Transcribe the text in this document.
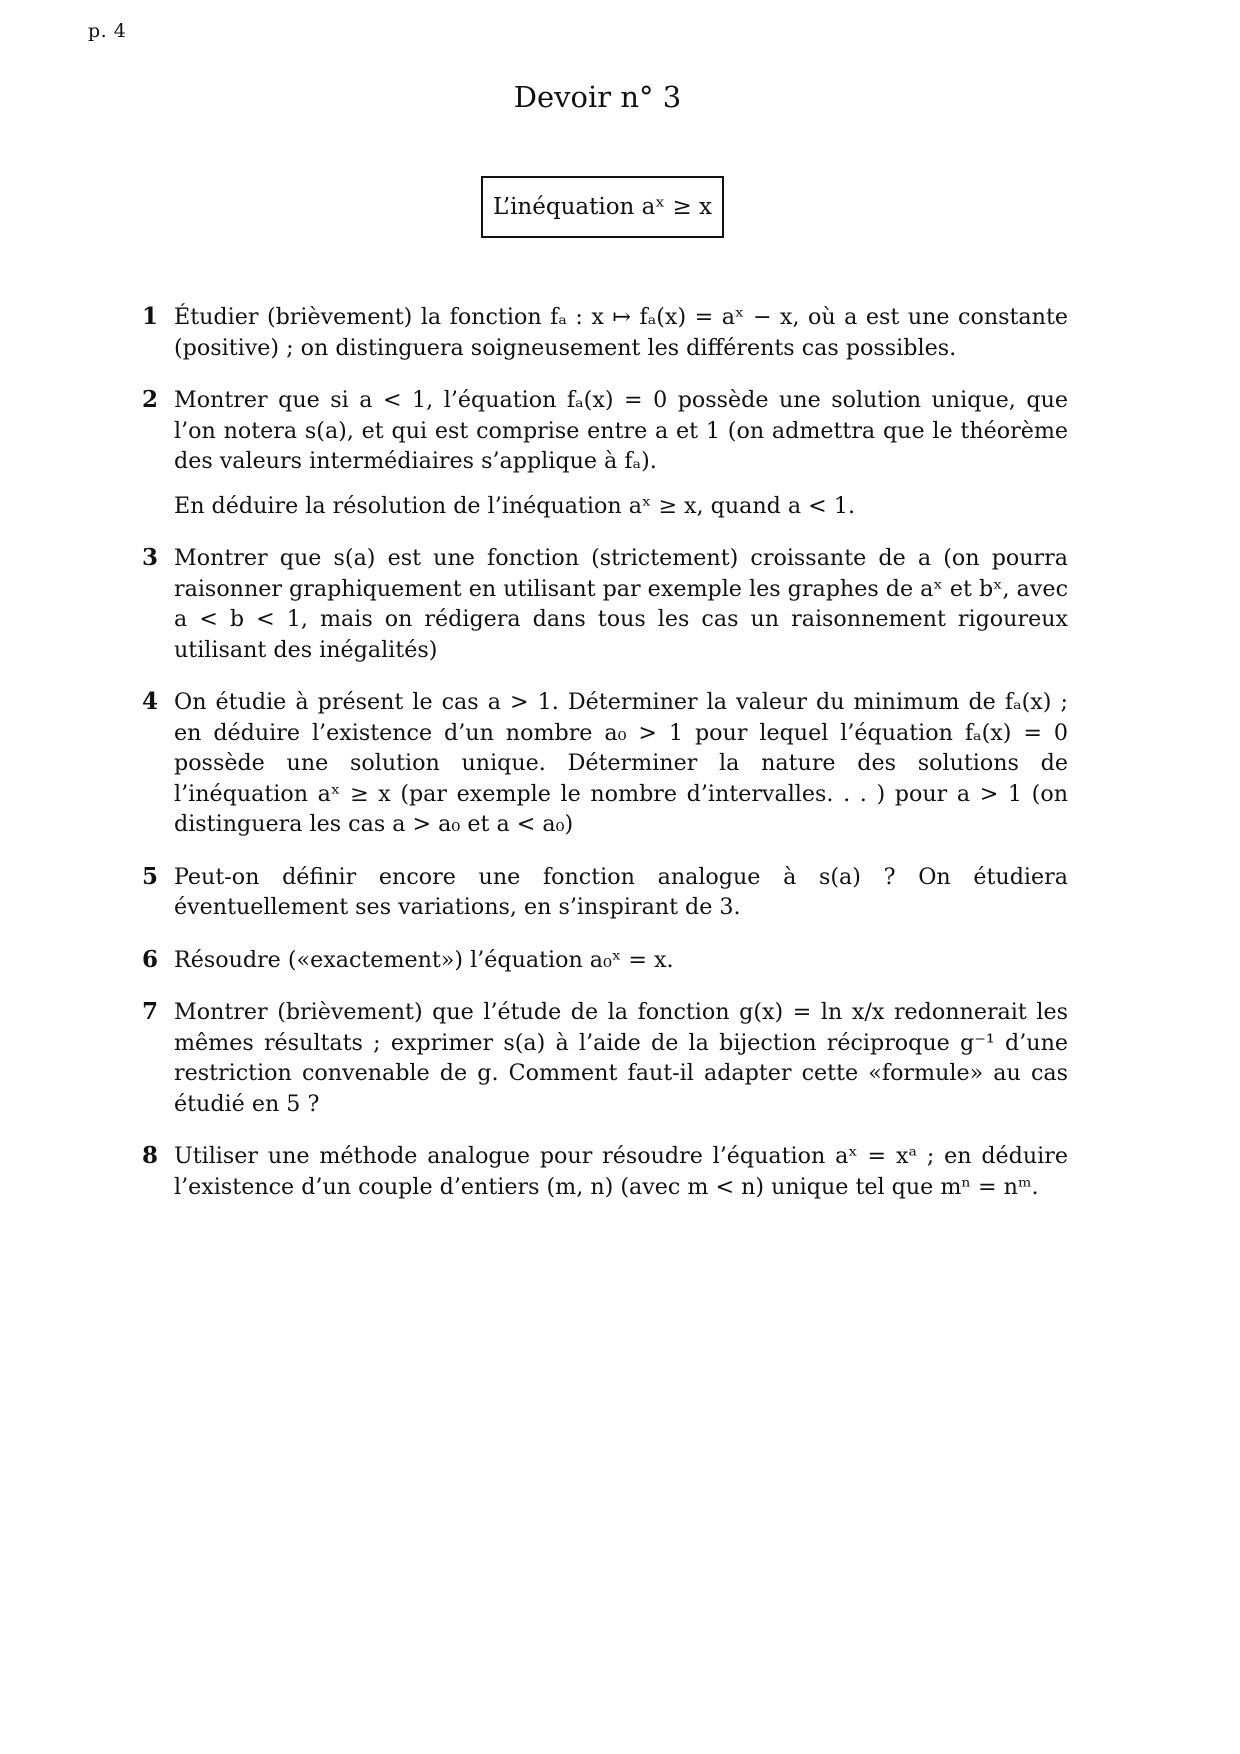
p. 4
Devoir n° 3
L’inéquation aˣ ≥ x
1 Étudier (brièvement) la fonction fₐ : x ↦ fₐ(x) = aˣ − x, où a est une constante (positive) ; on distinguera soigneusement les différents cas possibles.

2 Montrer que si a < 1, l’équation fₐ(x) = 0 possède une solution unique, que l’on notera s(a), et qui est comprise entre a et 1 (on admettra que le théorème des valeurs intermédiaires s’applique à fₐ).

En déduire la résolution de l’inéquation aˣ ≥ x, quand a < 1.

3 Montrer que s(a) est une fonction (strictement) croissante de a (on pourra raisonner graphiquement en utilisant par exemple les graphes de aˣ et bˣ, avec a < b < 1, mais on rédigera dans tous les cas un raisonnement rigoureux utilisant des inégalités)

4 On étudie à présent le cas a > 1. Déterminer la valeur du minimum de fₐ(x) ; en déduire l’existence d’un nombre a₀ > 1 pour lequel l’équation fₐ(x) = 0 possède une solution unique. Déterminer la nature des solutions de l’inéquation aˣ ≥ x (par exemple le nombre d’intervalles. . . ) pour a > 1 (on distinguera les cas a > a₀ et a < a₀)

5 Peut-on définir encore une fonction analogue à s(a) ? On étudiera éventuellement ses variations, en s’inspirant de 3.

6 Résoudre («exactement») l’équation a₀ˣ = x.

7 Montrer (brièvement) que l’étude de la fonction g(x) = ln x/x redonnerait les mêmes résultats ; exprimer s(a) à l’aide de la bijection réciproque g⁻¹ d’une restriction convenable de g. Comment faut-il adapter cette «formule» au cas étudié en 5 ?

8 Utiliser une méthode analogue pour résoudre l’équation aˣ = xᵃ ; en déduire l’existence d’un couple d’entiers (m, n) (avec m < n) unique tel que mⁿ = nᵐ.
